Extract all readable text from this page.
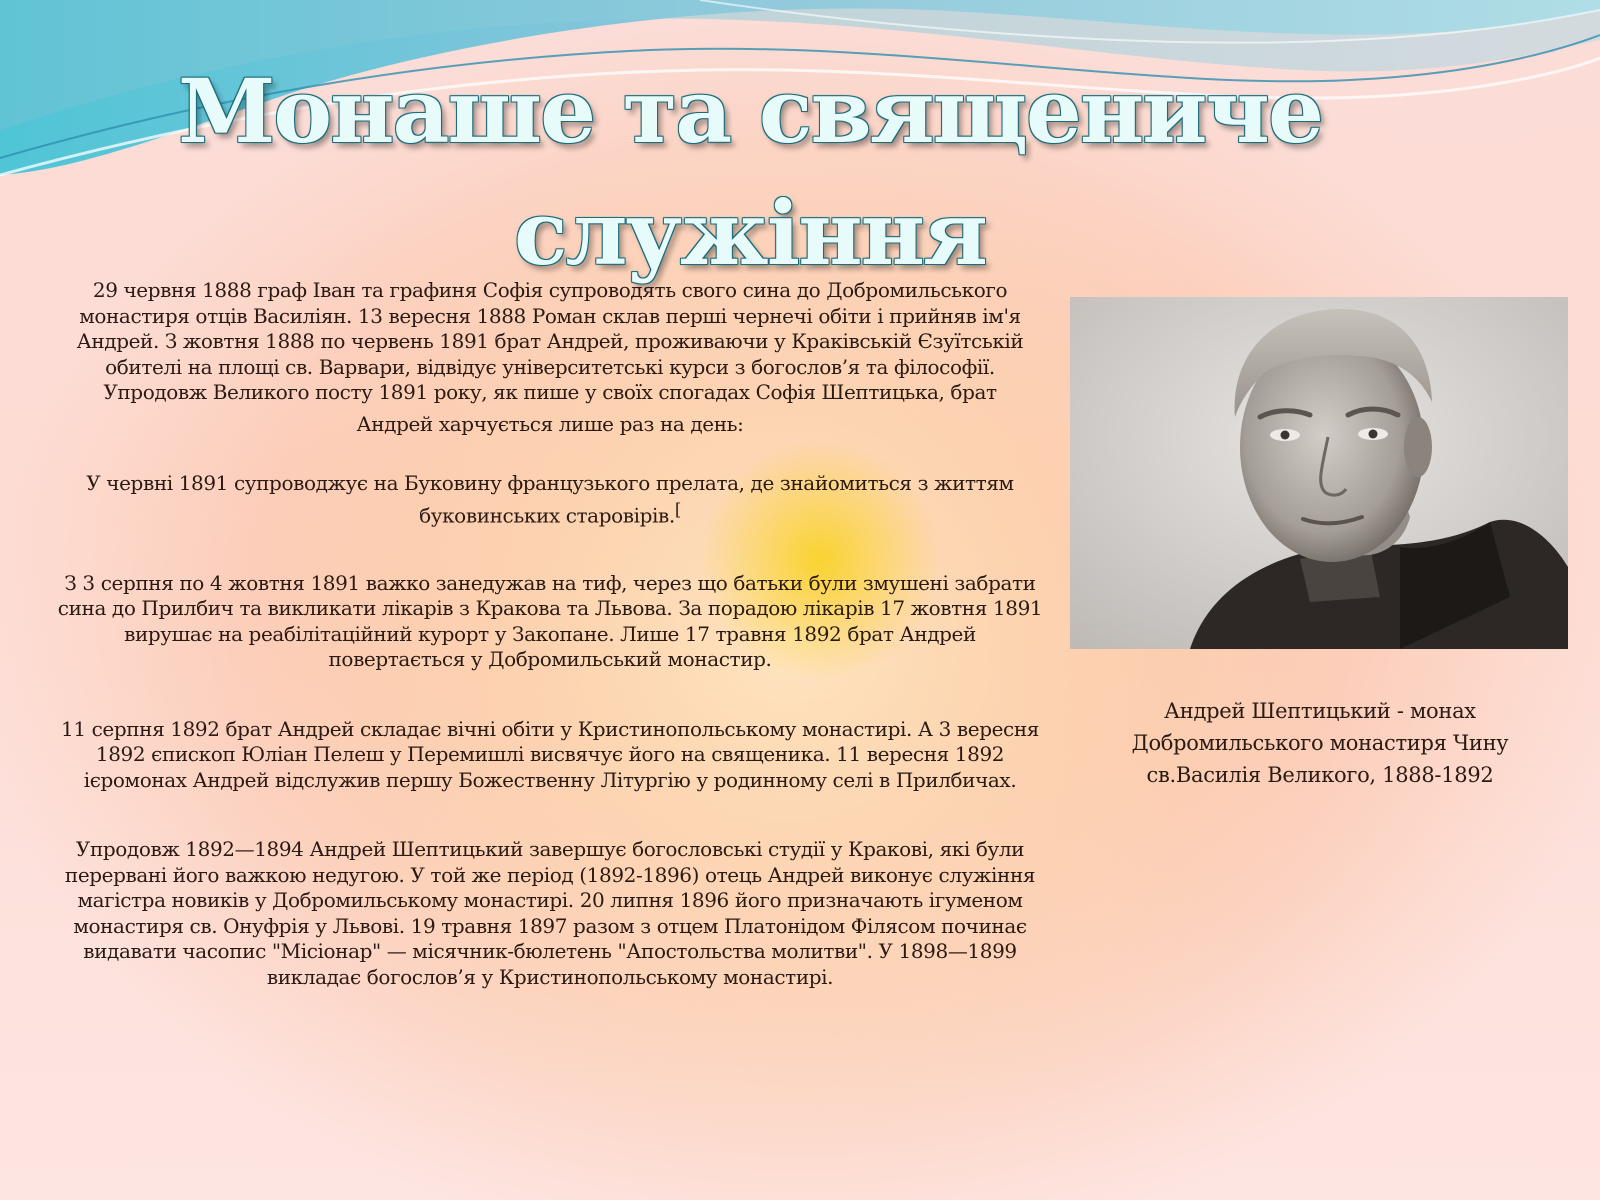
Монаше та священиче служіння

29 червня 1888 граф Іван та графиня Софія супроводять свого сина до Добромильського монастиря отців Василіян. 13 вересня 1888 Роман склав перші чернечі обіти і прийняв ім'я Андрей. З жовтня 1888 по червень 1891 брат Андрей, проживаючи у Краківській Єзуїтській обителі на площі св. Варвари, відвідує університетські курси з богослов’я та філософії. Упродовж Великого посту 1891 року, як пише у своїх спогадах Софія Шептицька, брат
Андрей харчується лише раз на день:

У червні 1891 супроводжує на Буковину французького прелата, де знайомиться з життям буковинських старовірів.[

З 3 серпня по 4 жовтня 1891 важко занедужав на тиф, через що батьки були змушені забрати сина до Прилбич та викликати лікарів з Кракова та Львова. За порадою лікарів 17 жовтня 1891 вирушає на реабілітаційний курорт у Закопане. Лише 17 травня 1892 брат Андрей повертається у Добромильський монастир.

11 серпня 1892 брат Андрей складає вічні обіти у Кристинопольському монастирі. А 3 вересня 1892 єпископ Юліан Пелеш у Перемишлі висвячує його на священика. 11 вересня 1892 ієромонах Андрей відслужив першу Божественну Літургію у родинному селі в Прилбичах.

Упродовж 1892—1894 Андрей Шептицький завершує богословські студії у Кракові, які були перервані його важкою недугою. У той же період (1892-1896) отець Андрей виконує служіння магістра новиків у Добромильському монастирі. 20 липня 1896 його призначають ігуменом монастиря св. Онуфрія у Львові. 19 травня 1897 разом з отцем Платонідом Філясом починає видавати часопис "Місіонар" — місячник-бюлетень "Апостольства молитви". У 1898—1899 викладає богослов’я у Кристинопольському монастирі.

Андрей Шептицький - монах Добромильського монастиря Чину св.Василія Великого, 1888-1892
